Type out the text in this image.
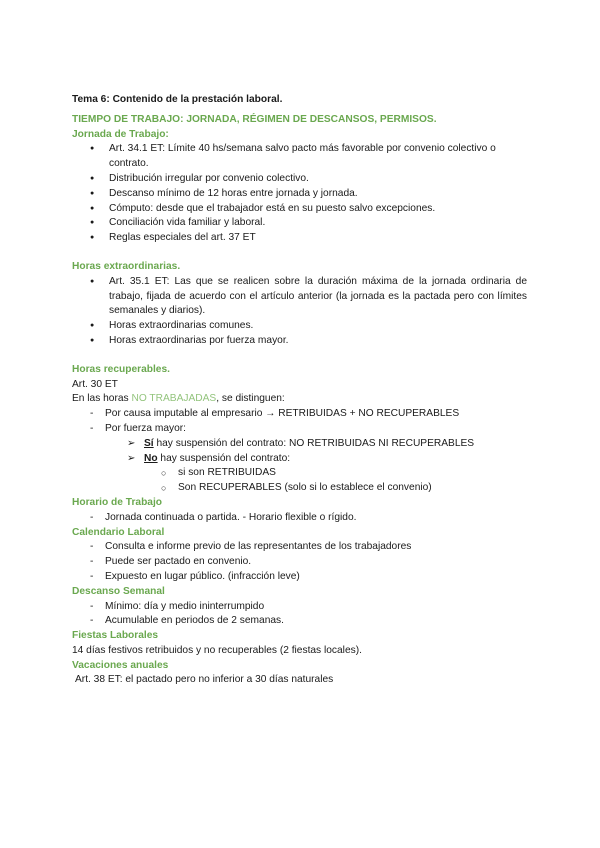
Tema 6: Contenido de la prestación laboral.
TIEMPO DE TRABAJO: JORNADA, RÉGIMEN DE DESCANSOS, PERMISOS.
Jornada de Trabajo:
● Art. 34.1 ET: Límite 40 hs/semana salvo pacto más favorable por convenio colectivo o contrato.
● Distribución irregular por convenio colectivo.
● Descanso mínimo de 12 horas entre jornada y jornada.
● Cómputo: desde que el trabajador está en su puesto salvo excepciones.
● Conciliación vida familiar y laboral.
● Reglas especiales del art. 37 ET
Horas extraordinarias.
● Art. 35.1 ET: Las que se realicen sobre la duración máxima de la jornada ordinaria de trabajo, fijada de acuerdo con el artículo anterior (la jornada es la pactada pero con límites semanales y diarios).
● Horas extraordinarias comunes.
● Horas extraordinarias por fuerza mayor.
Horas recuperables.
Art. 30 ET
En las horas NO TRABAJADAS, se distinguen:
- Por causa imputable al empresario → RETRIBUIDAS + NO RECUPERABLES
- Por fuerza mayor:
➢ Sí hay suspensión del contrato: NO RETRIBUIDAS NI RECUPERABLES
➢ No hay suspensión del contrato:
○ si son RETRIBUIDAS
○ Son RECUPERABLES (solo si lo establece el convenio)
Horario de Trabajo
- Jornada continuada o partida. - Horario flexible o rígido.
Calendario Laboral
- Consulta e informe previo de las representantes de los trabajadores
- Puede ser pactado en convenio.
- Expuesto en lugar público. (infracción leve)
Descanso Semanal
- Mínimo: día y medio ininterrumpido
- Acumulable en periodos de 2 semanas.
Fiestas Laborales
14 días festivos retribuidos y no recuperables (2 fiestas locales).
Vacaciones anuales
Art. 38 ET: el pactado pero no inferior a 30 días naturales
